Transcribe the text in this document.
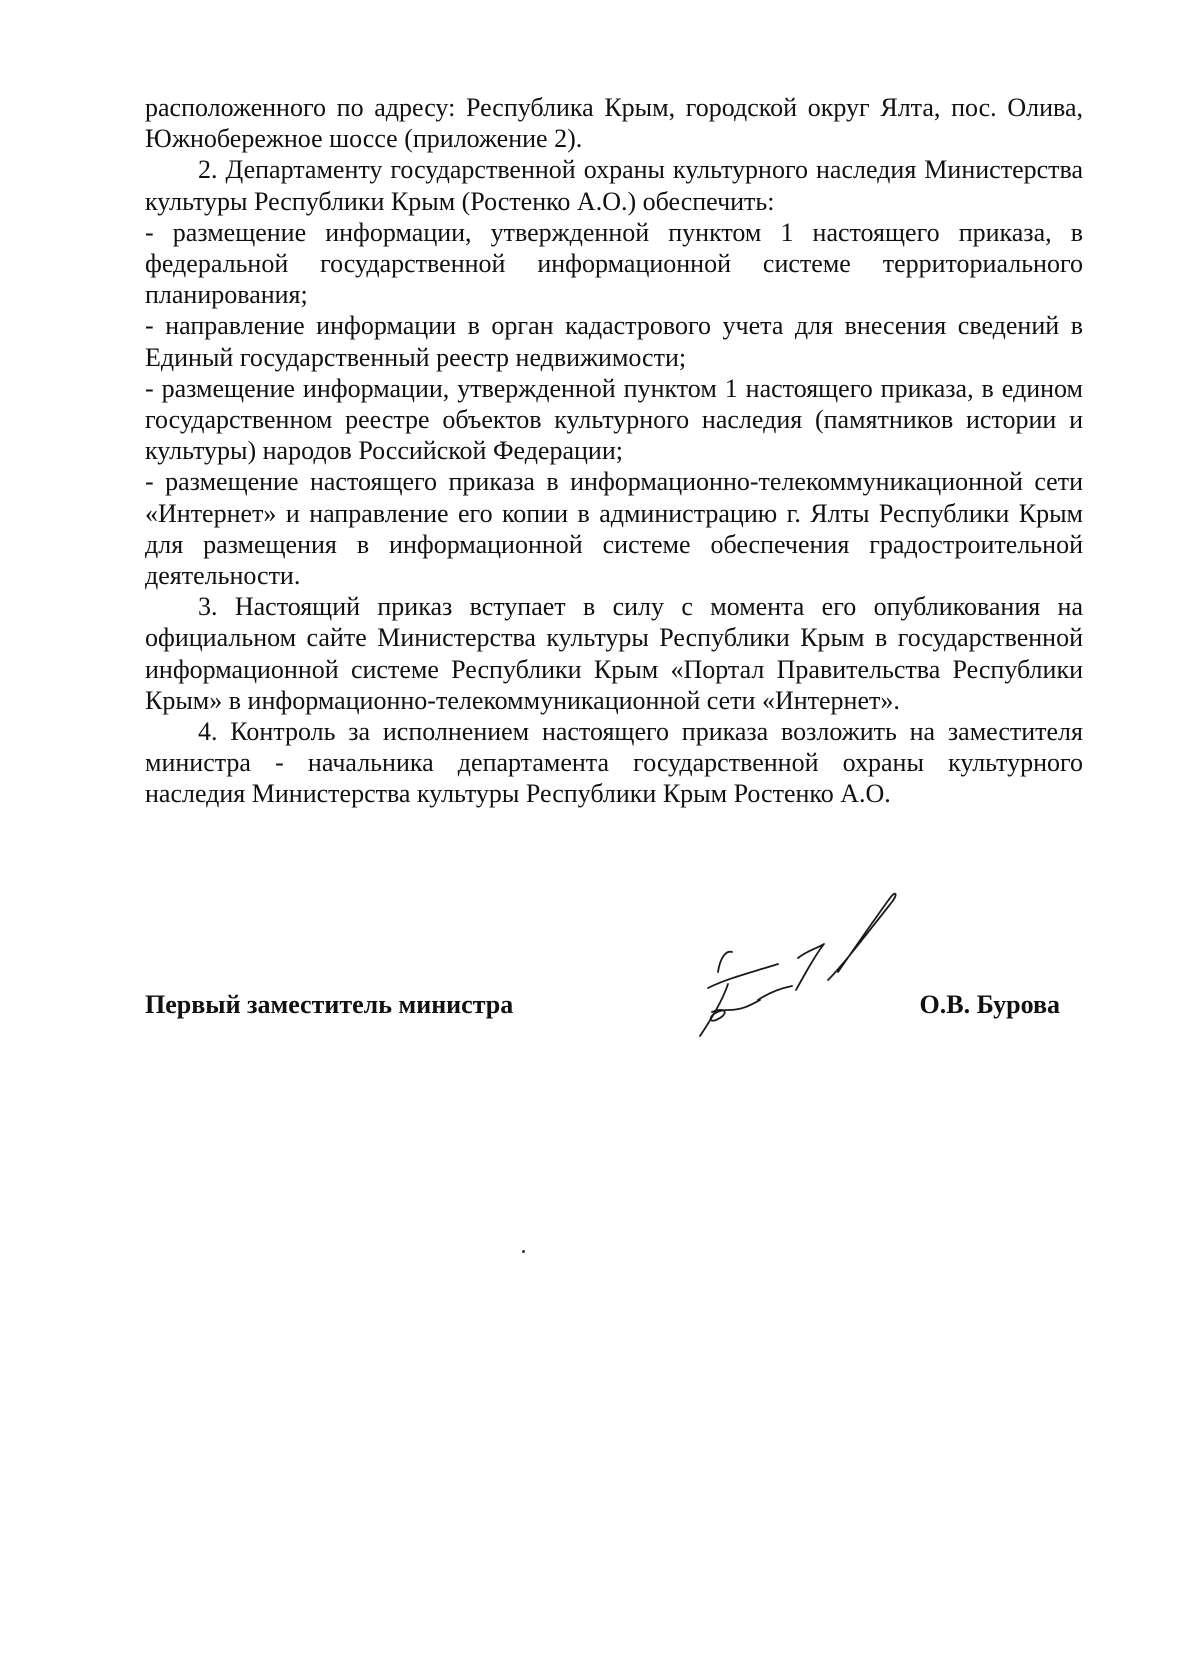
расположенного по адресу: Республика Крым, городской округ Ялта, пос. Олива, Южнобережное шоссе (приложение 2).

2. Департаменту государственной охраны культурного наследия Министерства культуры Республики Крым (Ростенко А.О.) обеспечить:

- размещение информации, утвержденной пунктом 1 настоящего приказа, в федеральной государственной информационной системе территориального планирования;

- направление информации в орган кадастрового учета для внесения сведений в Единый государственный реестр недвижимости;

- размещение информации, утвержденной пунктом 1 настоящего приказа, в едином государственном реестре объектов культурного наследия (памятников истории и культуры) народов Российской Федерации;

- размещение настоящего приказа в информационно-телекоммуникационной сети «Интернет» и направление его копии в администрацию г. Ялты Республики Крым для размещения в информационной системе обеспечения градостроительной деятельности.

3. Настоящий приказ вступает в силу с момента его опубликования на официальном сайте Министерства культуры Республики Крым в государственной информационной системе Республики Крым «Портал Правительства Республики Крым» в информационно-телекоммуникационной сети «Интернет».

4. Контроль за исполнением настоящего приказа возложить на заместителя министра - начальника департамента государственной охраны культурного наследия Министерства культуры Республики Крым Ростенко А.О.

Первый заместитель министра	О.В. Бурова
